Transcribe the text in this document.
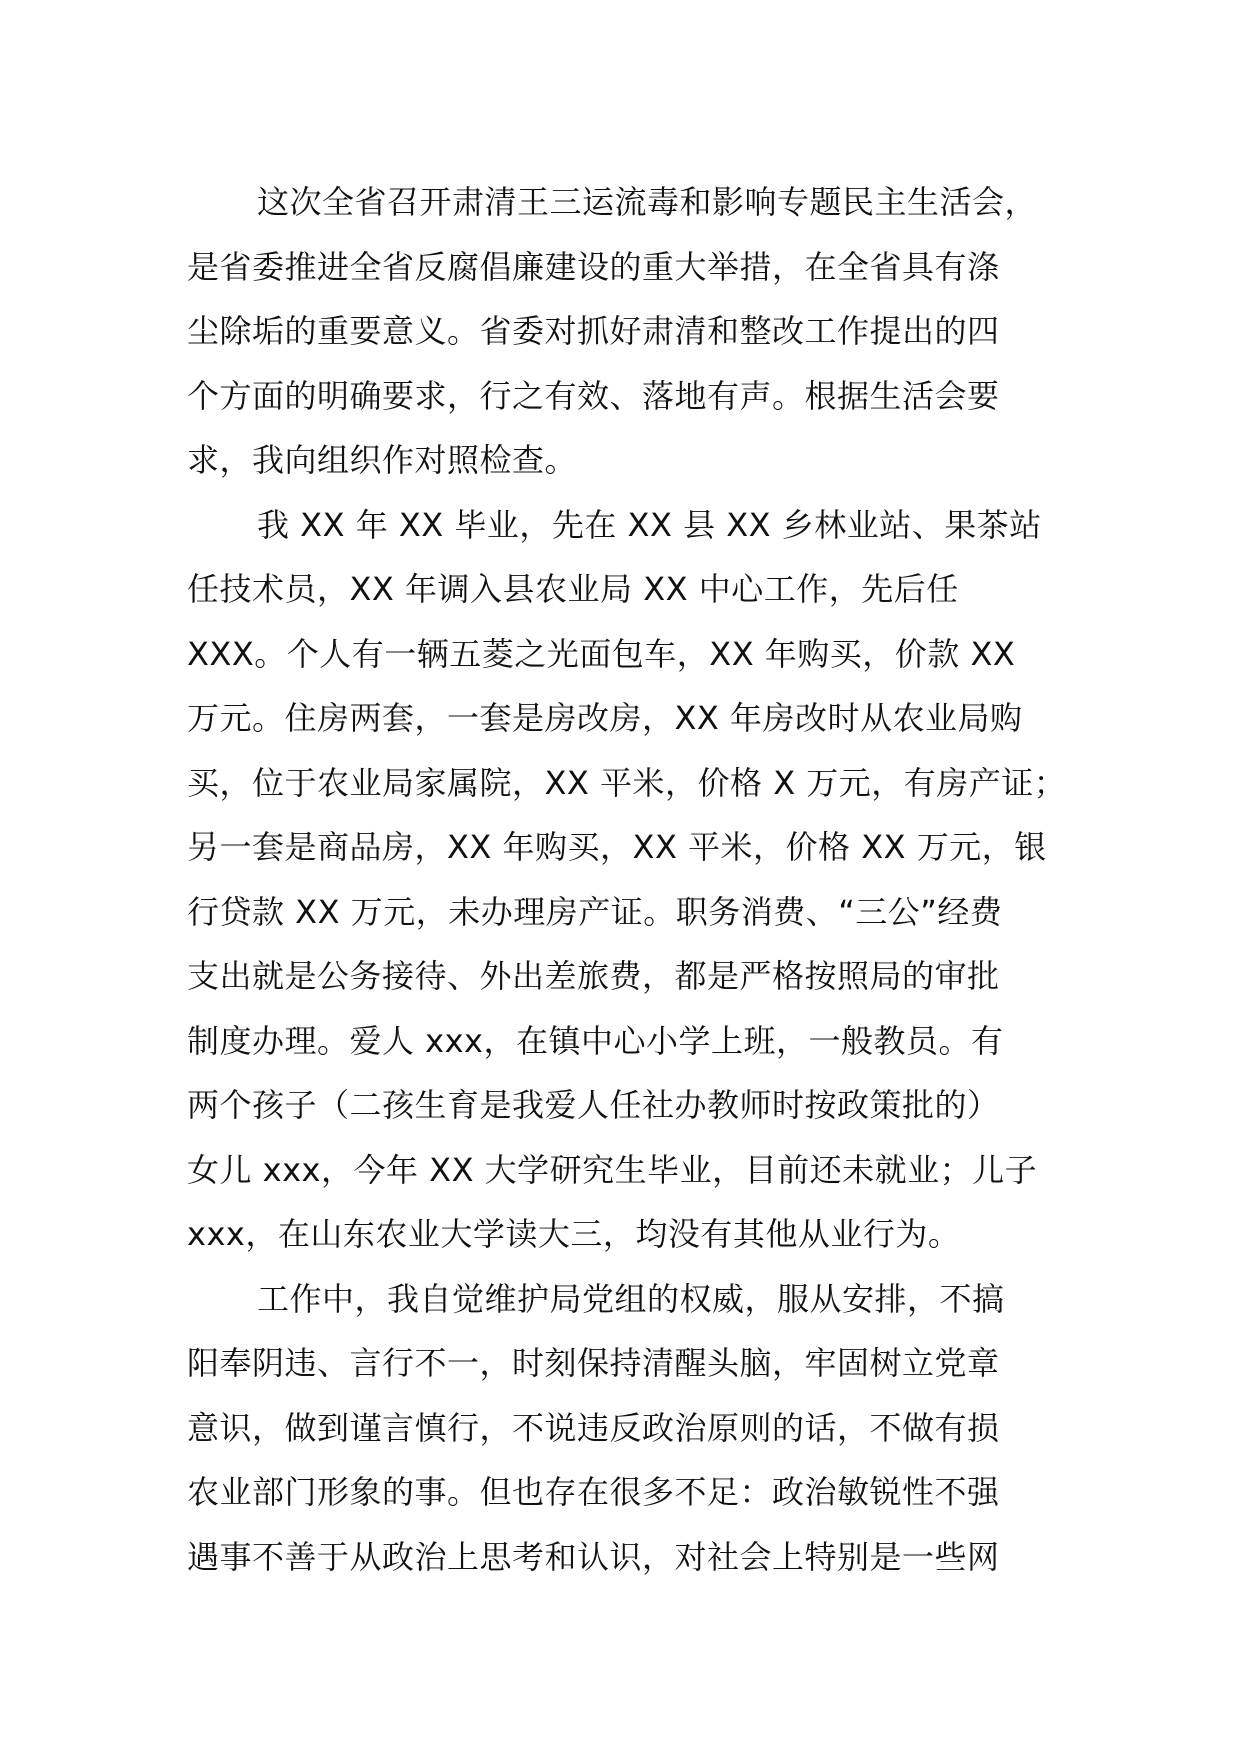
这次全省召开肃清王三运流毒和影响专题民主生活会，
是省委推进全省反腐倡廉建设的重大举措，在全省具有涤
尘除垢的重要意义。省委对抓好肃清和整改工作提出的四
个方面的明确要求，行之有效、落地有声。根据生活会要
求，我向组织作对照检查。
我 XX 年 XX 毕业，先在 XX 县 XX 乡林业站、果茶站
任技术员，XX 年调入县农业局 XX 中心工作，先后任
XXX。个人有一辆五菱之光面包车，XX 年购买，价款 XX
万元。住房两套，一套是房改房，XX 年房改时从农业局购
买，位于农业局家属院，XX 平米，价格 X 万元，有房产证；
另一套是商品房，XX 年购买，XX 平米，价格 XX 万元，银
行贷款 XX 万元，未办理房产证。职务消费、“三公”经费
支出就是公务接待、外出差旅费，都是严格按照局的审批
制度办理。爱人 xxx，在镇中心小学上班，一般教员。有
两个孩子（二孩生育是我爱人任社办教师时按政策批的）
女儿 xxx，今年 XX 大学研究生毕业，目前还未就业；儿子
xxx，在山东农业大学读大三，均没有其他从业行为。
工作中，我自觉维护局党组的权威，服从安排，不搞
阳奉阴违、言行不一，时刻保持清醒头脑，牢固树立党章
意识，做到谨言慎行，不说违反政治原则的话，不做有损
农业部门形象的事。但也存在很多不足：政治敏锐性不强
遇事不善于从政治上思考和认识，对社会上特别是一些网
